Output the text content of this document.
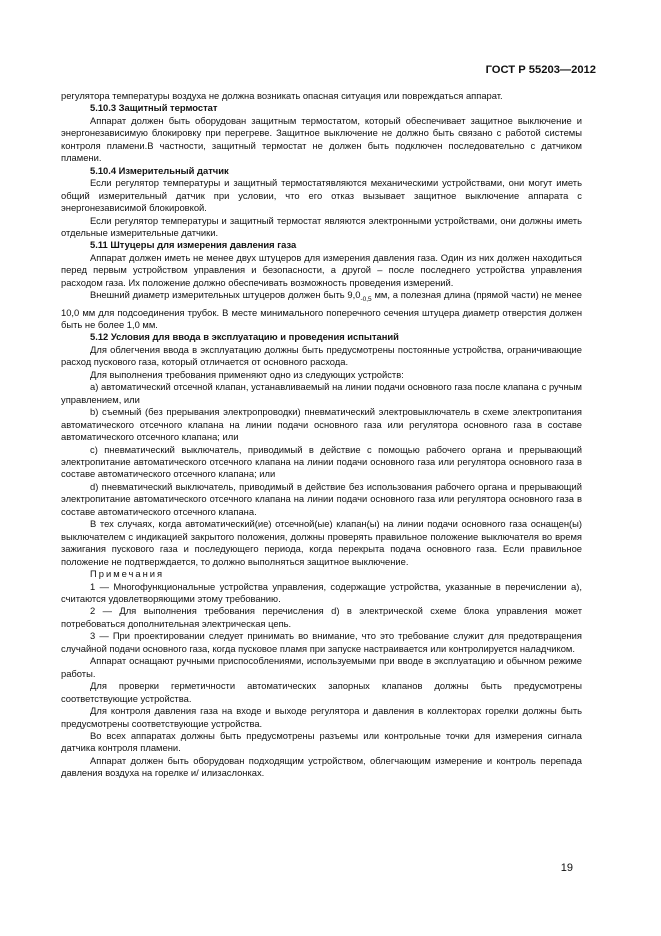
ГОСТ Р 55203—2012

регулятора температуры воздуха не должна возникать опасная ситуация или повреждаться аппарат.

5.10.3 Защитный термостат

Аппарат должен быть оборудован защитным термостатом, который обеспечивает защитное выключение и энергонезависимую блокировку при перегреве. Защитное выключение не должно быть связано с работой системы контроля пламени.В частности, защитный термостат не должен быть подключен последовательно с датчиком пламени.

5.10.4 Измерительный датчик

Если регулятор температуры и защитный термостатявляются механическими устройствами, они могут иметь общий измерительный датчик при условии, что его отказ вызывает защитное выключение аппарата с энергонезависимой блокировкой.

Если регулятор температуры и защитный термостат являются электронными устройствами, они должны иметь отдельные измерительные датчики.

5.11 Штуцеры для измерения давления газа

Аппарат должен иметь не менее двух штуцеров для измерения давления газа. Один из них должен находиться перед первым устройством управления и безопасности, а другой – после последнего устройства управления расходом газа. Их положение должно обеспечивать возможность проведения измерений.

Внешний диаметр измерительных штуцеров должен быть $9,0_{-0,5}$ мм, а полезная длина (прямой части) не менее 10,0 мм для подсоединения трубок. В месте минимального поперечного сечения штуцера диаметр отверстия должен быть не более 1,0 мм.

5.12 Условия для ввода в эксплуатацию и проведения испытаний

Для облегчения ввода в эксплуатацию должны быть предусмотрены постоянные устройства, ограничивающие расход пускового газа, который отличается от основного расхода.

Для выполнения требования применяют одно из следующих устройств:

а) автоматический отсечной клапан, устанавливаемый на линии подачи основного газа после клапана с ручным управлением, или

b) съемный (без прерывания электропроводки) пневматический электровыключатель в схеме электропитания автоматического отсечного клапана на линии подачи основного газа или регулятора основного газа в составе автоматического отсечного клапана; или

c) пневматический выключатель, приводимый в действие с помощью рабочего органа и прерывающий электропитание автоматического отсечного клапана на линии подачи основного газа или регулятора основного газа в составе автоматического отсечного клапана; или

d) пневматический выключатель, приводимый в действие без использования рабочего органа и прерывающий электропитание автоматического отсечного клапана на линии подачи основного газа или регулятора основного газа в составе автоматического отсечного клапана.

В тех случаях, когда автоматический(ие) отсечной(ые) клапан(ы) на линии подачи основного газа оснащен(ы) выключателем с индикацией закрытого положения, должны проверять правильное положение выключателя во время зажигания пускового газа и последующего периода, когда перекрыта подача основного газа. Если правильное положение не подтверждается, то должно выполняться защитное выключение.

Примечания

1 — Многофункциональные устройства управления, содержащие устройства, указанные в перечислении а), считаются удовлетворяющими этому требованию.

2 — Для выполнения требования перечисления d) в электрической схеме блока управления может потребоваться дополнительная электрическая цепь.

3 — При проектировании следует принимать во внимание, что это требование служит для предотвращения случайной подачи основного газа, когда пусковое пламя при запуске настраивается или контролируется наладчиком.

Аппарат оснащают ручными приспособлениями, используемыми при вводе в эксплуатацию и обычном режиме работы.

Для проверки герметичности автоматических запорных клапанов должны быть предусмотрены соответствующие устройства.

Для контроля давления газа на входе и выходе регулятора и давления в коллекторах горелки должны быть предусмотрены соответствующие устройства.

Во всех аппаратах должны быть предусмотрены разъемы или контрольные точки для измерения сигнала датчика контроля пламени.

Аппарат должен быть оборудован подходящим устройством, облегчающим измерение и контроль перепада давления воздуха на горелке и/ илизаслонках.

19
